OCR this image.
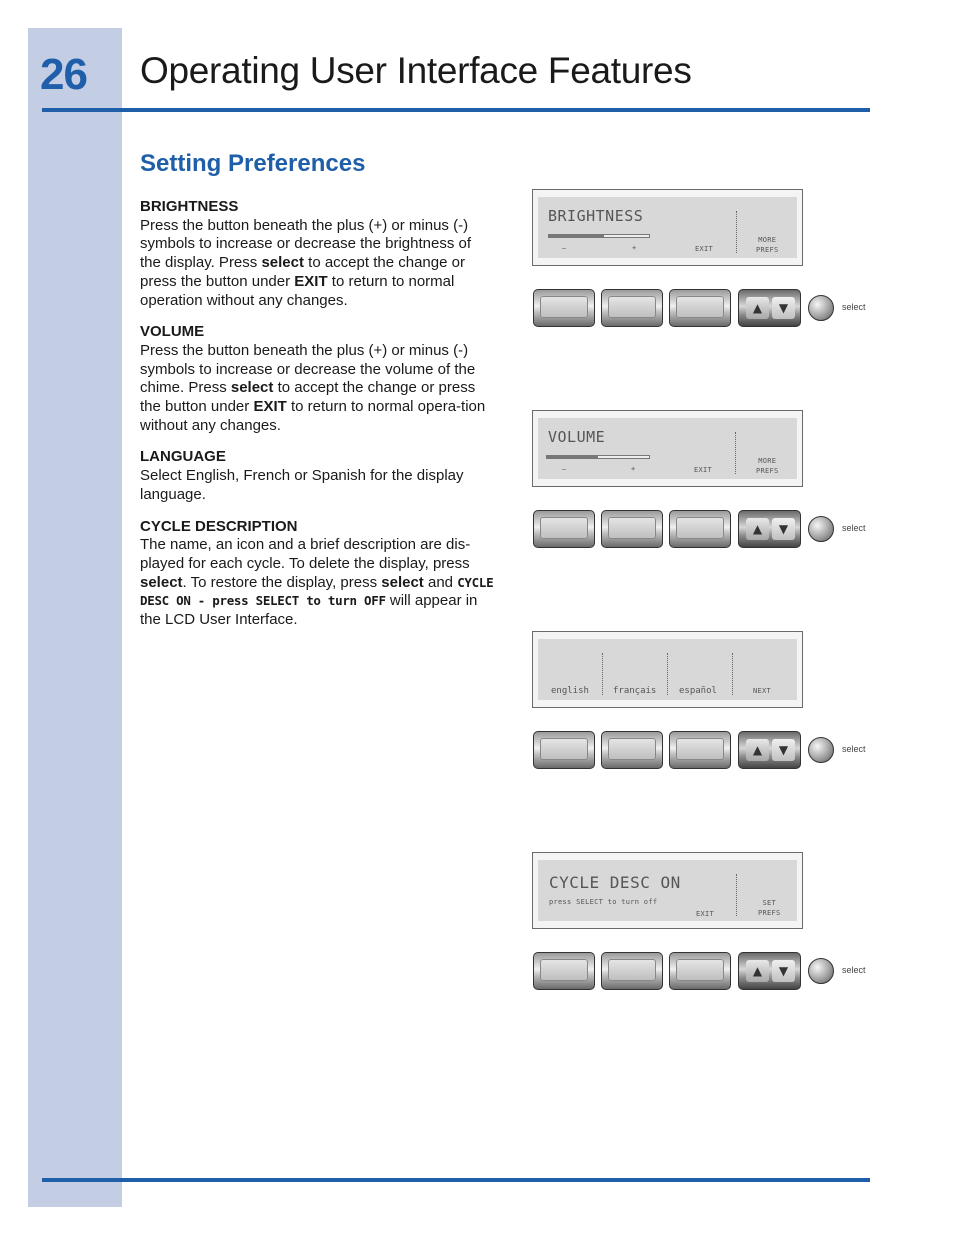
26 Operating User Interface Features
Setting Preferences
BRIGHTNESS

Press the button beneath the plus (+) or minus (-) symbols to increase or decrease the brightness of the display. Press select to accept the change or press the button under EXIT to return to normal operation without any changes.

VOLUME

Press the button beneath the plus (+) or minus (-) symbols to increase or decrease the volume of the chime. Press select to accept the change or press the button under EXIT to return to normal opera-tion without any changes.

LANGUAGE

Select English, French or Spanish for the display language.

CYCLE DESCRIPTION

The name, an icon and a brief description are dis-played for each cycle. To delete the display, press select. To restore the display, press select and CYCLE DESC ON - press SELECT to turn OFF will appear in the LCD User Interface.

BRIGHTNESS
–	+	EXIT
MORE
PREFS
▲	▼	select
VOLUME
–	+	EXIT
MORE
PREFS
▲	▼	select
english	français	español	NEXT
▲	▼	select
CYCLE DESC ON
press SELECT to turn off
EXIT
SET
PREFS
▲	▼	select
